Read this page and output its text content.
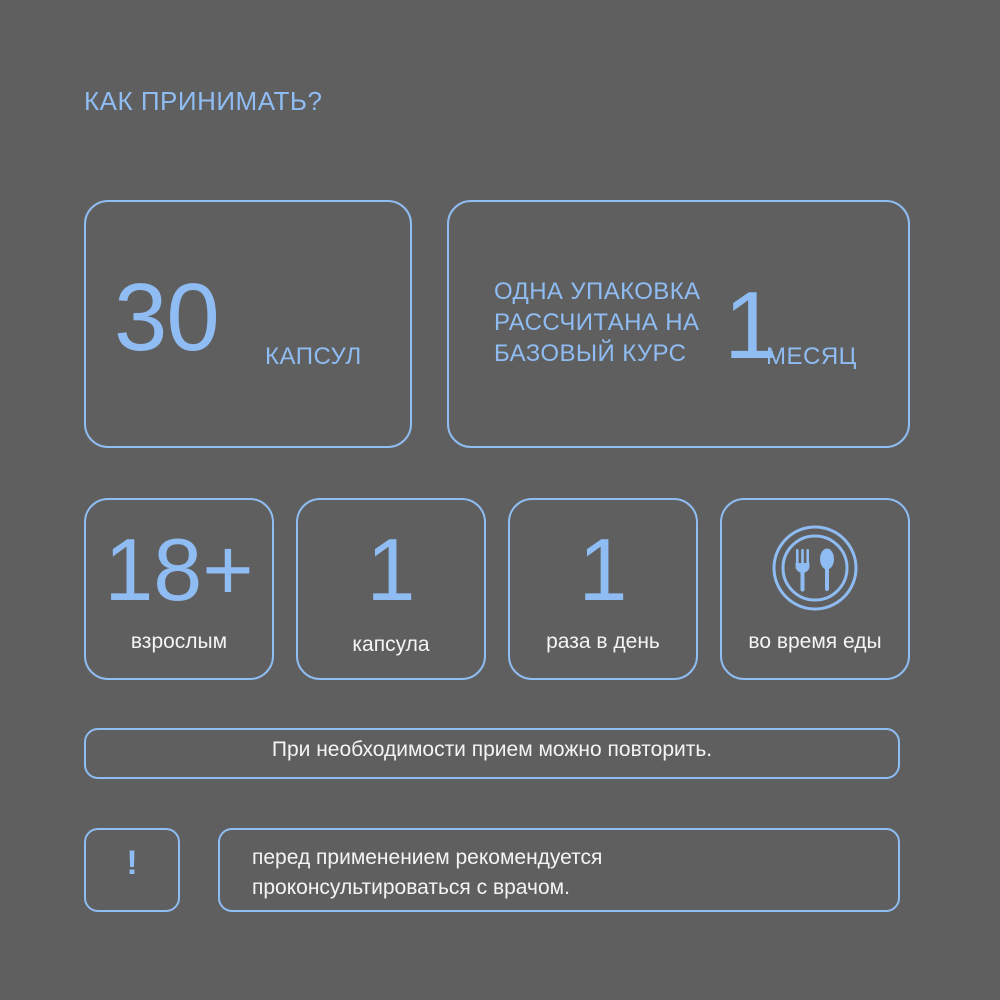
КАК ПРИНИМАТЬ?
30 КАПСУЛ
ОДНА УПАКОВКА
РАССЧИТАНА НА
БАЗОВЫЙ КУРС 1
МЕСЯЦ
18+
взрослым
1
капсула
1
раза в день	во время еды
При необходимости прием можно повторить.
!	перед применением рекомендуется
проконсультироваться с врачом.
